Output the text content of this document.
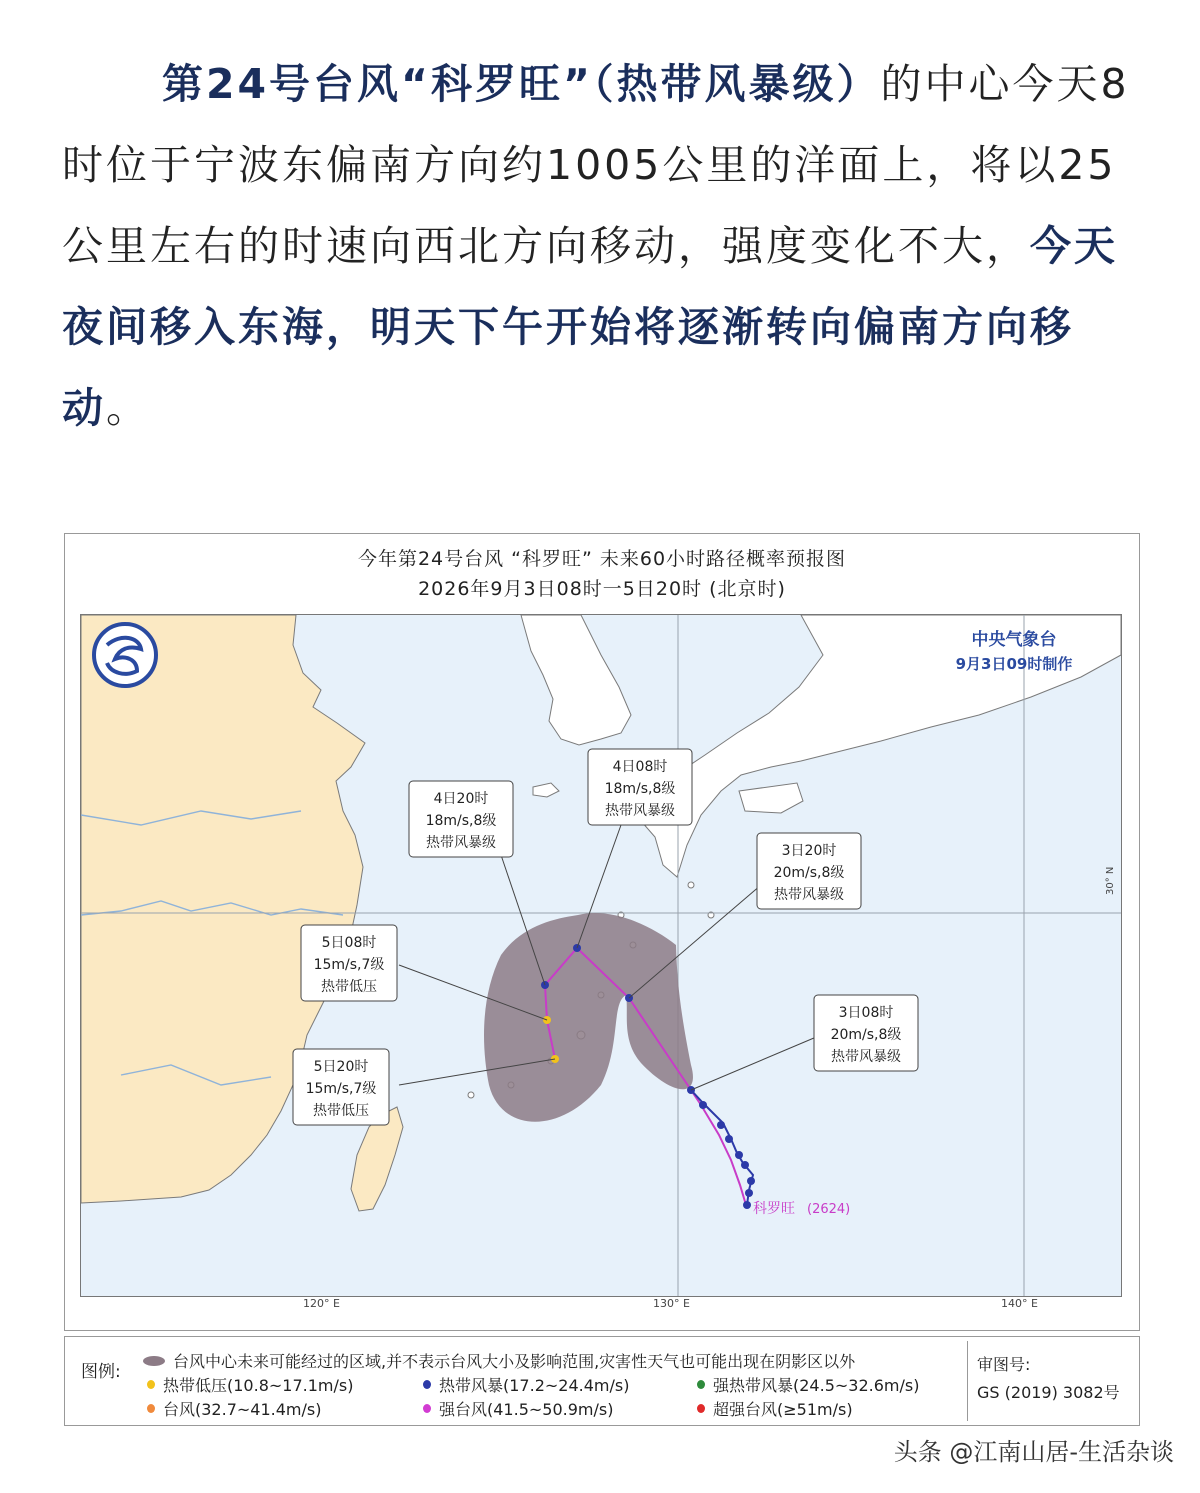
第24号台风“科罗旺”（热带风暴级）的中心今天8时位于宁波东偏南方向约1005公里的洋面上，将以25公里左右的时速向西北方向移动，强度变化不大，今天夜间移入东海，明天下午开始将逐渐转向偏南方向移动。
今年第24号台风 “科罗旺” 未来60小时路径概率预报图
2026年9月3日08时一5日20时 (北京时)
30° N
3日08时
20m/s,8级
热带风暴级
3日20时
20m/s,8级
热带风暴级
4日08时
18m/s,8级
热带风暴级
4日20时
18m/s,8级
热带风暴级
5日08时
15m/s,7级
热带低压
5日20时
15m/s,7级
热带低压
科罗旺 (2624)
中央气象台
9月3日09时制作
120° E	130° E	140° E
图例:
台风中心未来可能经过的区域,并不表示台风大小及影响范围,灾害性天气也可能出现在阴影区以外
热带低压(10.8~17.1m/s)	热带风暴(17.2~24.4m/s)	强热带风暴(24.5~32.6m/s)
台风(32.7~41.4m/s)	强台风(41.5~50.9m/s)	超强台风(≥51m/s)
审图号:
GS (2019) 3082号
头条 @江南山居-生活杂谈
